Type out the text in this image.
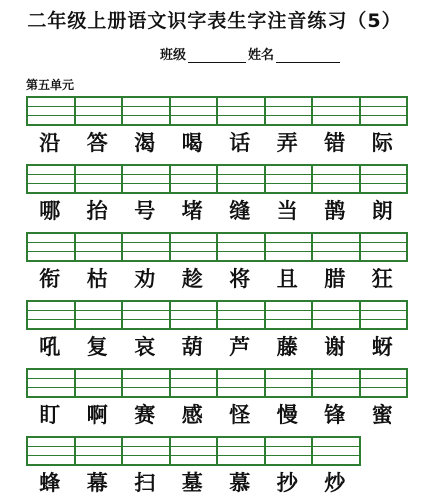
二年级上册语文识字表生字注音练习（5）
班级	姓名
第五单元
沿	答	渴	喝	话	弄	错	际
哪	抬	号	堵	缝	当	鹊	朗
衔	枯	劝	趁	将	且	腊	狂
吼	复	哀	葫	芦	藤	谢	蚜
盯	啊	赛	感	怪	慢	锋	蜜
蜂	幕	扫	墓	慕	抄	炒
